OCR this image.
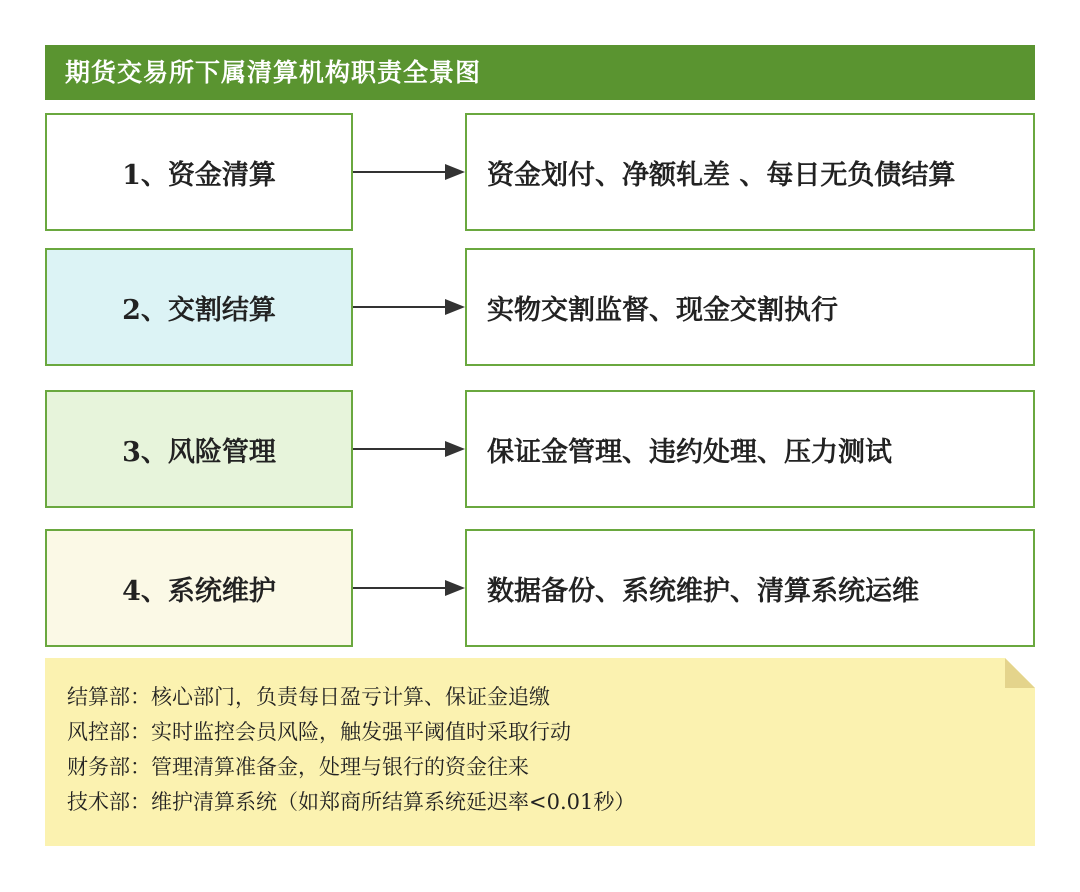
期货交易所下属清算机构职责全景图
1、资金清算	资金划付、净额轧差 、每日无负债结算
2、交割结算	实物交割监督、现金交割执行
3、风险管理	保证金管理、违约处理、压力测试
4、系统维护	数据备份、系统维护、清算系统运维
结算部：核心部门，负责每日盈亏计算、保证金追缴
风控部：实时监控会员风险，触发强平阈值时采取行动
财务部：管理清算准备金，处理与银行的资金往来
技术部：维护清算系统（如郑商所结算系统延迟率<0.01秒）
